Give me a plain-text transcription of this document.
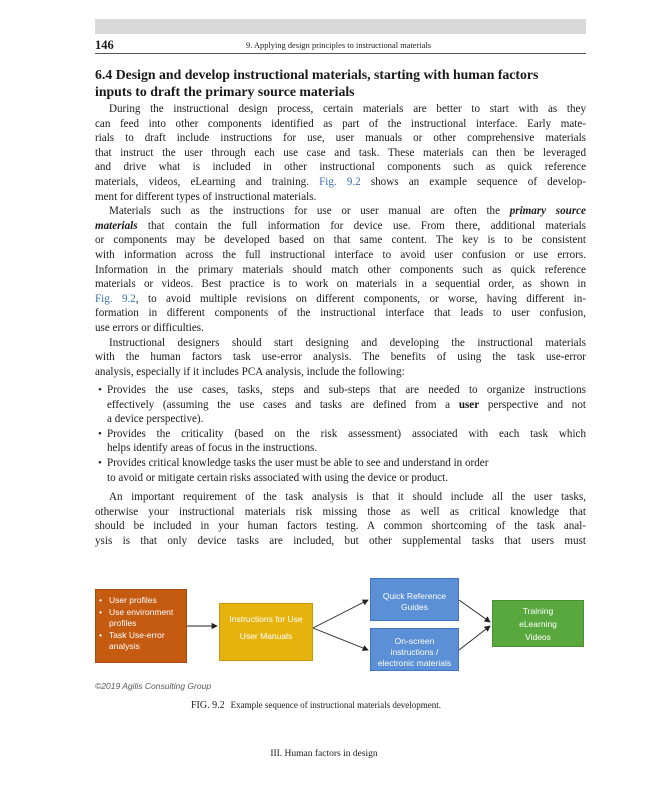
146	9. Applying design principles to instructional materials
6.4 Design and develop instructional materials, starting with human factors
inputs to draft the primary source materials
During the instructional design process, certain materials are better to start with as they
can feed into other components identified as part of the instructional interface. Early mate-
rials to draft include instructions for use, user manuals or other comprehensive materials
that instruct the user through each use case and task. These materials can then be leveraged
and drive what is included in other instructional components such as quick reference
materials, videos, eLearning and training. Fig. 9.2 shows an example sequence of develop-
ment for different types of instructional materials.
Materials such as the instructions for use or user manual are often the primary source
materials that contain the full information for device use. From there, additional materials
or components may be developed based on that same content. The key is to be consistent
with information across the full instructional interface to avoid user confusion or use errors.
Information in the primary materials should match other components such as quick reference
materials or videos. Best practice is to work on materials in a sequential order, as shown in
Fig. 9.2, to avoid multiple revisions on different components, or worse, having different in-
formation in different components of the instructional interface that leads to user confusion,
use errors or difficulties.
Instructional designers should start designing and developing the instructional materials
with the human factors task use-error analysis. The benefits of using the task use-error
analysis, especially if it includes PCA analysis, include the following:
• Provides the use cases, tasks, steps and sub-steps that are needed to organize instructions
effectively (assuming the use cases and tasks are defined from a user perspective and not
a device perspective).
• Provides the criticality (based on the risk assessment) associated with each task which
helps identify areas of focus in the instructions.
• Provides critical knowledge tasks the user must be able to see and understand in order
to avoid or mitigate certain risks associated with using the device or product.
An important requirement of the task analysis is that it should include all the user tasks,
otherwise your instructional materials risk missing those as well as critical knowledge that
should be included in your human factors testing. A common shortcoming of the task anal-
ysis is that only device tasks are included, but other supplemental tasks that users must
• User profiles
• Use environment profiles
• Task Use-error analysis
Instructions for Use
User Manuals
Quick Reference
Guides
On-screen
instructions /
electronic materials
Training
eLearning
Videos
©2019 Agilis Consulting Group
FIG. 9.2 Example sequence of instructional materials development.
III. Human factors in design
